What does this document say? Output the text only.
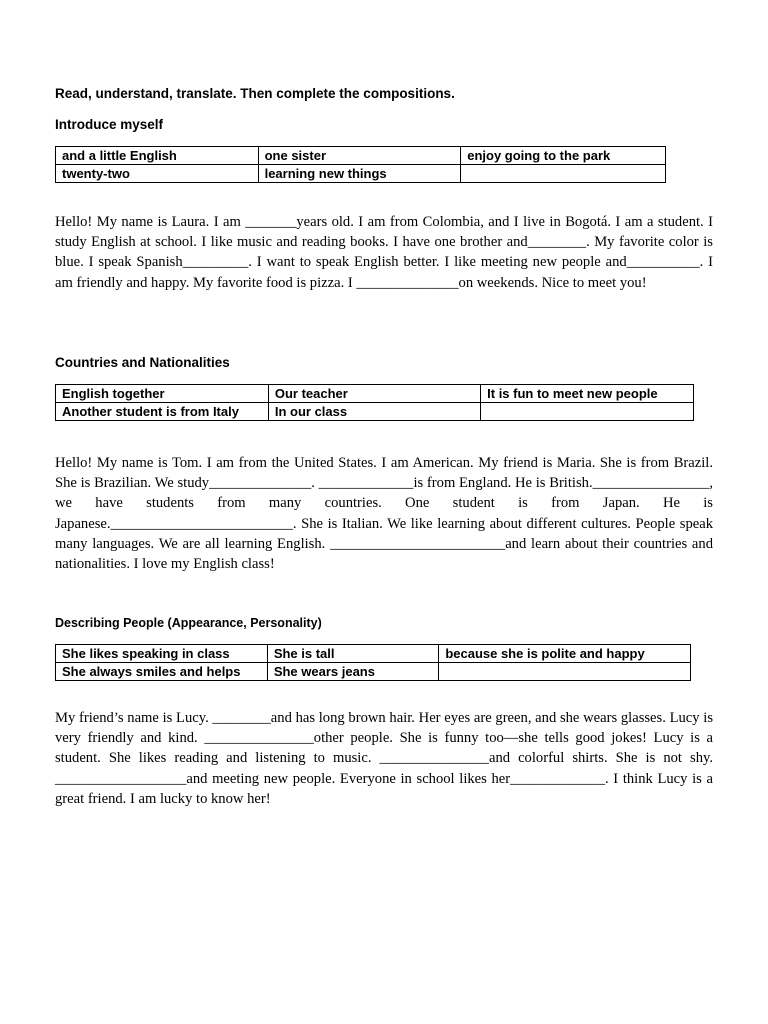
Read, understand, translate. Then complete the compositions.
Introduce myself
and a little English	one sister	enjoy going to the park
twenty-two	learning new things	

Hello! My name is Laura. I am _______years old. I am from Colombia, and I live in Bogotá. I am a student. I study English at school. I like music and reading books. I have one brother and________. My favorite color is blue. I speak Spanish_________. I want to speak English better. I like meeting new people and__________. I am friendly and happy. My favorite food is pizza. I ______________on weekends. Nice to meet you!

Countries and Nationalities
English together	Our teacher	It is fun to meet new people
Another student is from Italy	In our class	

Hello! My name is Tom. I am from the United States. I am American. My friend is Maria. She is from Brazil. She is Brazilian. We study______________. _____________is from England. He is British.________________, we have students from many countries. One student is from Japan. He is Japanese._________________________. She is Italian. We like learning about different cultures. People speak many languages. We are all learning English. ________________________and learn about their countries and nationalities. I love my English class!

Describing People (Appearance, Personality)
She likes speaking in class	She is tall	because she is polite and happy
She always smiles and helps	She wears jeans	

My friend’s name is Lucy. ________and has long brown hair. Her eyes are green, and she wears glasses. Lucy is very friendly and kind. _______________other people. She is funny too—she tells good jokes! Lucy is a student. She likes reading and listening to music. _______________and colorful shirts. She is not shy. __________________and meeting new people. Everyone in school likes her_____________. I think Lucy is a great friend. I am lucky to know her!
